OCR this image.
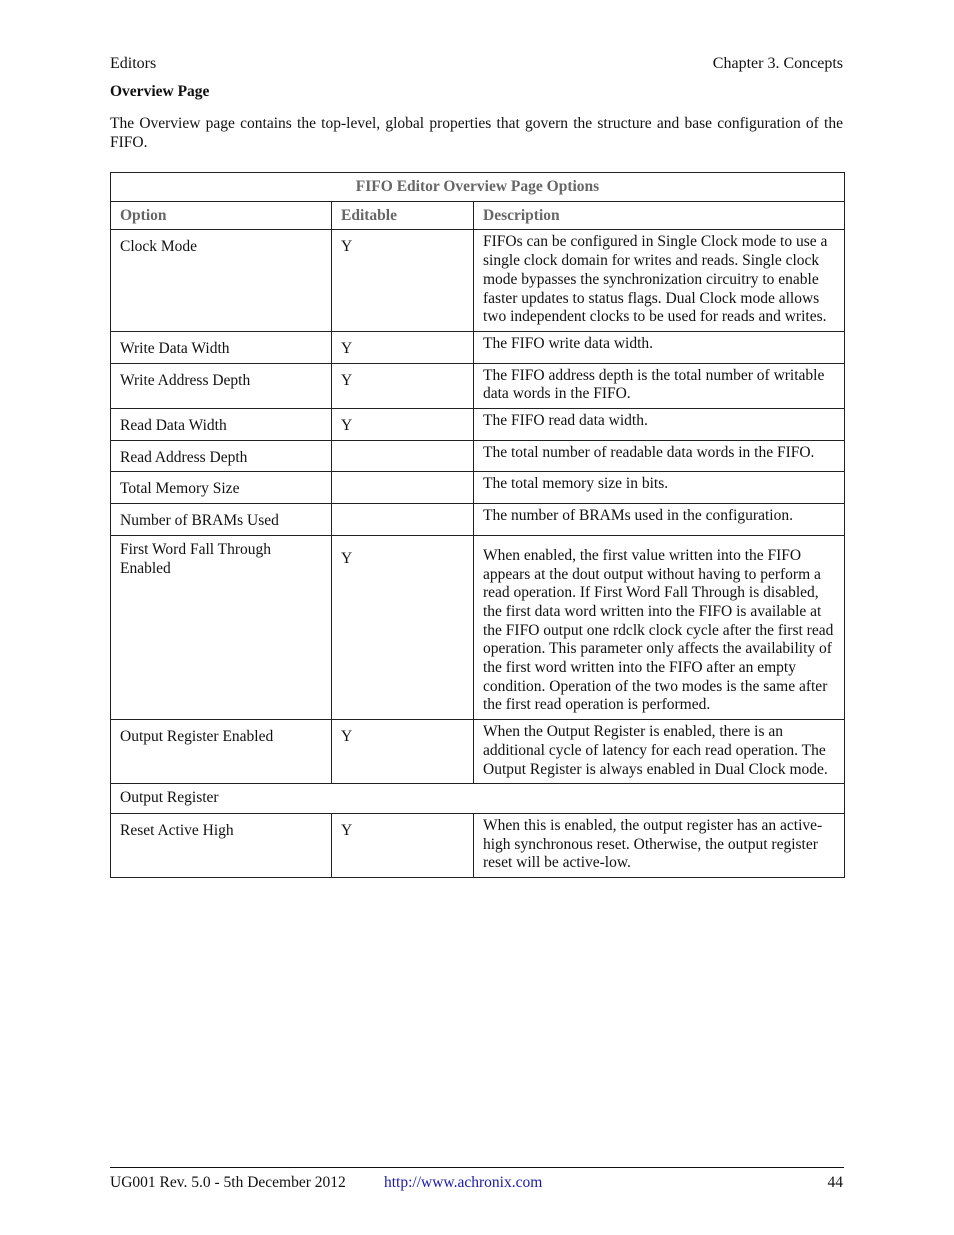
Editors	Chapter 3. Concepts
Overview Page

The Overview page contains the top-level, global properties that govern the structure and base configuration of the FIFO.

FIFO Editor Overview Page Options		
Option	Editable	Description
Clock Mode	Y	FIFOs can be configured in Single Clock mode to use a single clock domain for writes and reads. Single clock mode bypasses the synchronization circuitry to enable faster updates to status flags. Dual Clock mode allows two independent clocks to be used for reads and writes.
Write Data Width	Y	The FIFO write data width.
Write Address Depth	Y	The FIFO address depth is the total number of writable data words in the FIFO.
Read Data Width	Y	The FIFO read data width.
Read Address Depth		The total number of readable data words in the FIFO.
Total Memory Size		The total memory size in bits.
Number of BRAMs Used		The number of BRAMs used in the configuration.
First Word Fall Through Enabled	Y	When enabled, the first value written into the FIFO appears at the dout output without having to perform a read operation. If First Word Fall Through is disabled, the first data word written into the FIFO is available at the FIFO output one rdclk clock cycle after the first read operation. This parameter only affects the availability of the first word written into the FIFO after an empty condition. Operation of the two modes is the same after the first read operation is performed.
Output Register Enabled	Y	When the Output Register is enabled, there is an additional cycle of latency for each read operation. The Output Register is always enabled in Dual Clock mode.
Output Register		
Reset Active High	Y	When this is enabled, the output register has an active-high synchronous reset. Otherwise, the output register reset will be active-low.
UG001 Rev. 5.0 - 5th December 2012 http://www.achronix.com	44
